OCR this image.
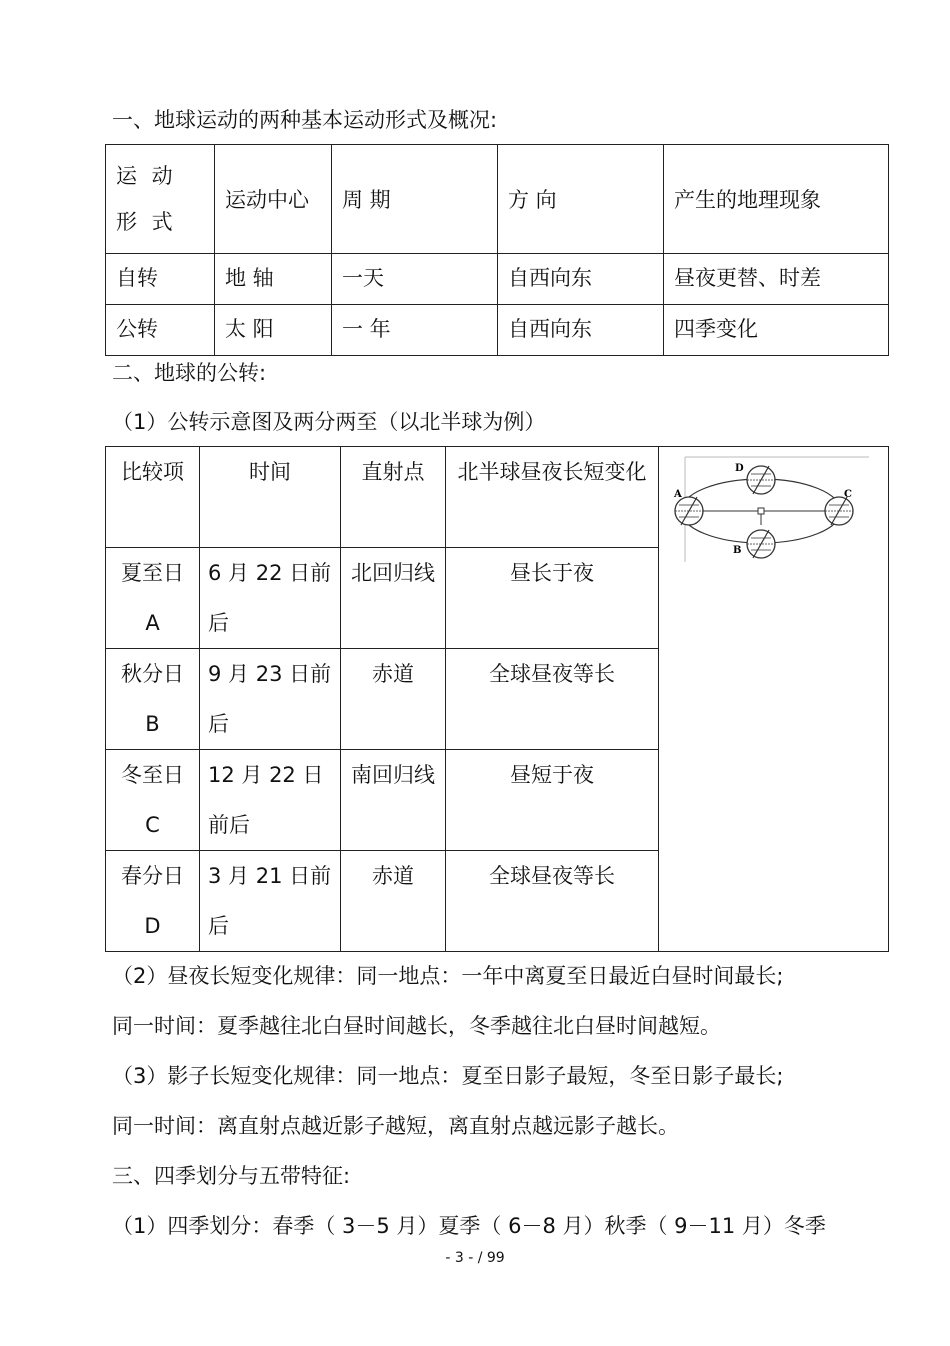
一、地球运动的两种基本运动形式及概况:
运 动 形 式	运动中心	周 期	方 向	产生的地理现象
自转	地 轴	一天	自西向东	昼夜更替、时差
公转	太 阳	一 年	自西向东	四季变化
二、地球的公转:
（1）公转示意图及两分两至（以北半球为例）
比较项	时间	直射点	北半球昼夜长短变化	A
B
C
D

夏至日 A	6 月 22 日前后	北回归线	昼长于夜	
秋分日 B	9 月 23 日前后	赤道	全球昼夜等长	
冬至日 C	12 月 22 日前后	南回归线	昼短于夜	
春分日 D	3 月 21 日前后	赤道	全球昼夜等长	
（2）昼夜长短变化规律：同一地点：一年中离夏至日最近白昼时间最长;
同一时间：夏季越往北白昼时间越长，冬季越往北白昼时间越短。
（3）影子长短变化规律：同一地点：夏至日影子最短，冬至日影子最长;
同一时间：离直射点越近影子越短，离直射点越远影子越长。
三、四季划分与五带特征:
（1）四季划分：春季（ 3－5 月）夏季（ 6－8 月）秋季（ 9－11 月）冬季
- 3 - / 99
